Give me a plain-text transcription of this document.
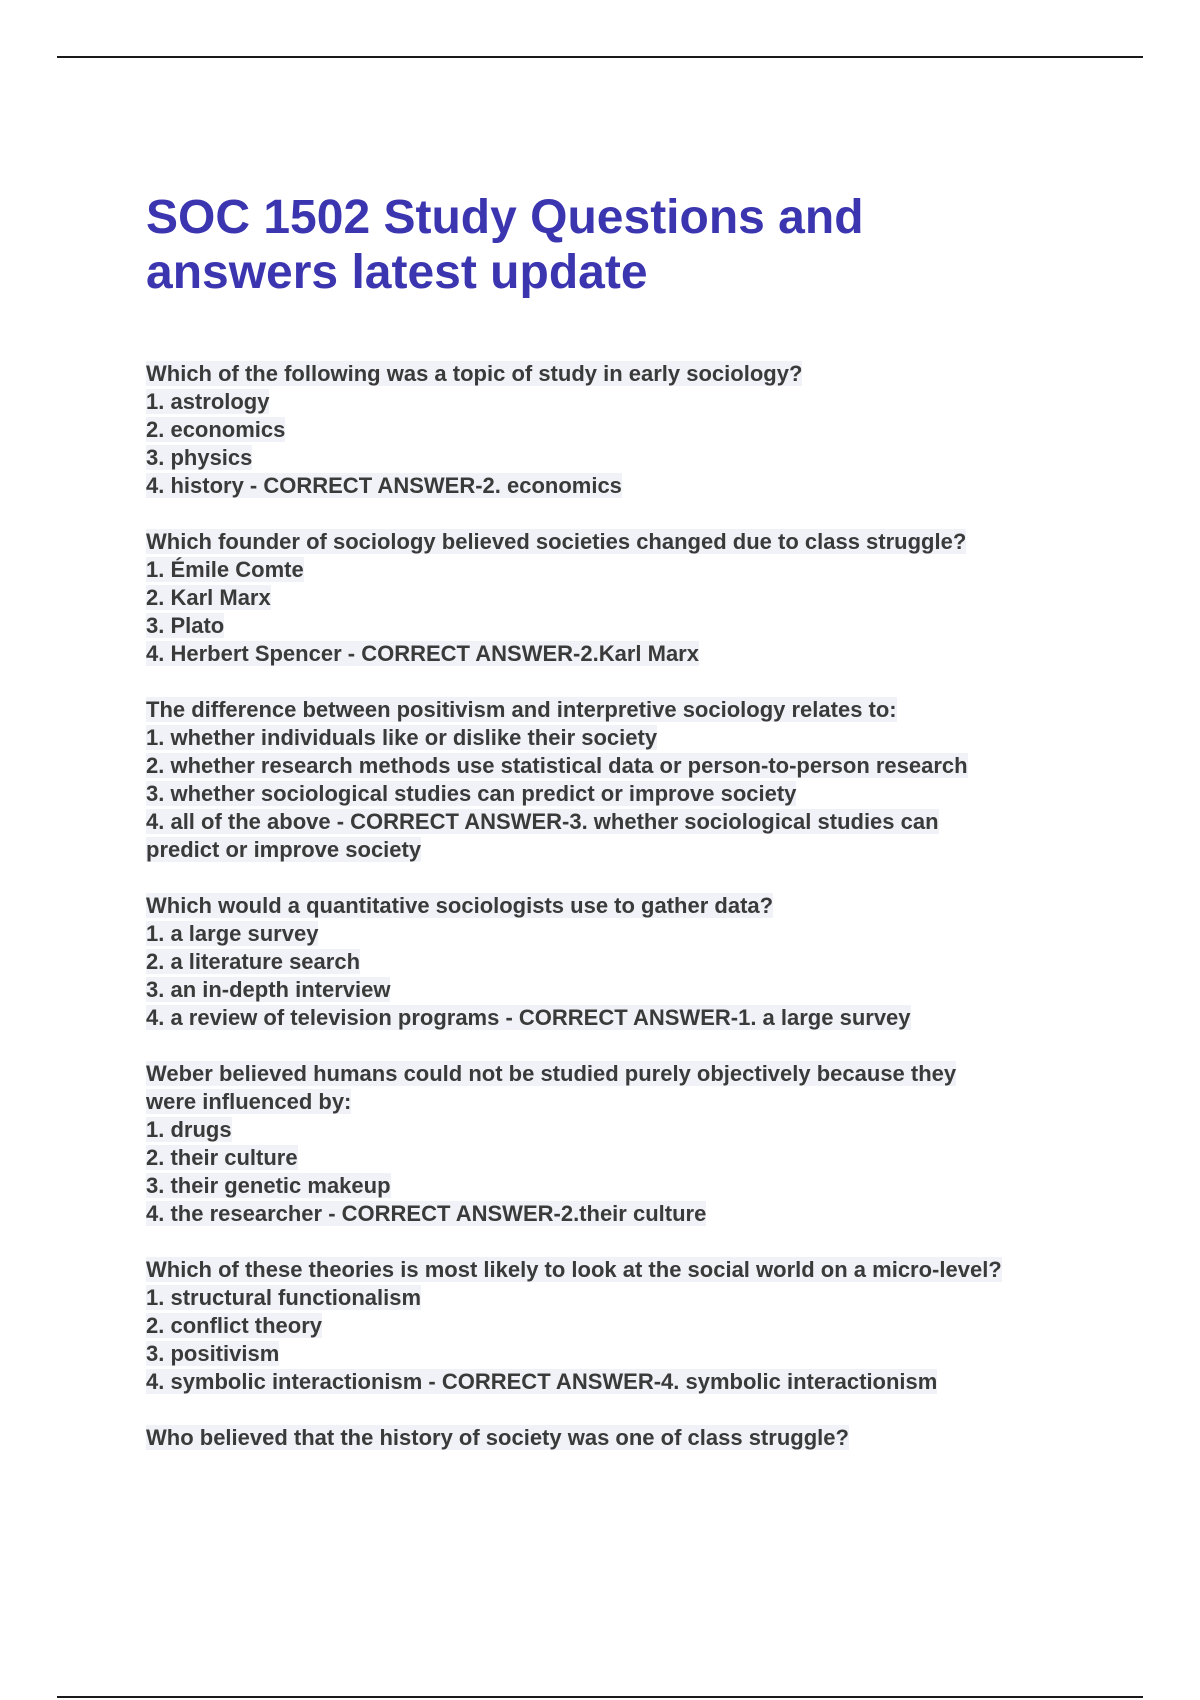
SOC 1502 Study Questions and answers latest update
Which of the following was a topic of study in early sociology?
1. astrology
2. economics
3. physics
4. history - CORRECT ANSWER-2. economics
Which founder of sociology believed societies changed due to class struggle?
1. Émile Comte
2. Karl Marx
3. Plato
4. Herbert Spencer - CORRECT ANSWER-2.Karl Marx
The difference between positivism and interpretive sociology relates to:
1. whether individuals like or dislike their society
2. whether research methods use statistical data or person-to-person research
3. whether sociological studies can predict or improve society
4. all of the above - CORRECT ANSWER-3. whether sociological studies can
predict or improve society
Which would a quantitative sociologists use to gather data?
1. a large survey
2. a literature search
3. an in-depth interview
4. a review of television programs - CORRECT ANSWER-1. a large survey
Weber believed humans could not be studied purely objectively because they
were influenced by:
1. drugs
2. their culture
3. their genetic makeup
4. the researcher - CORRECT ANSWER-2.their culture
Which of these theories is most likely to look at the social world on a micro-level?
1. structural functionalism
2. conflict theory
3. positivism
4. symbolic interactionism - CORRECT ANSWER-4. symbolic interactionism
Who believed that the history of society was one of class struggle?
